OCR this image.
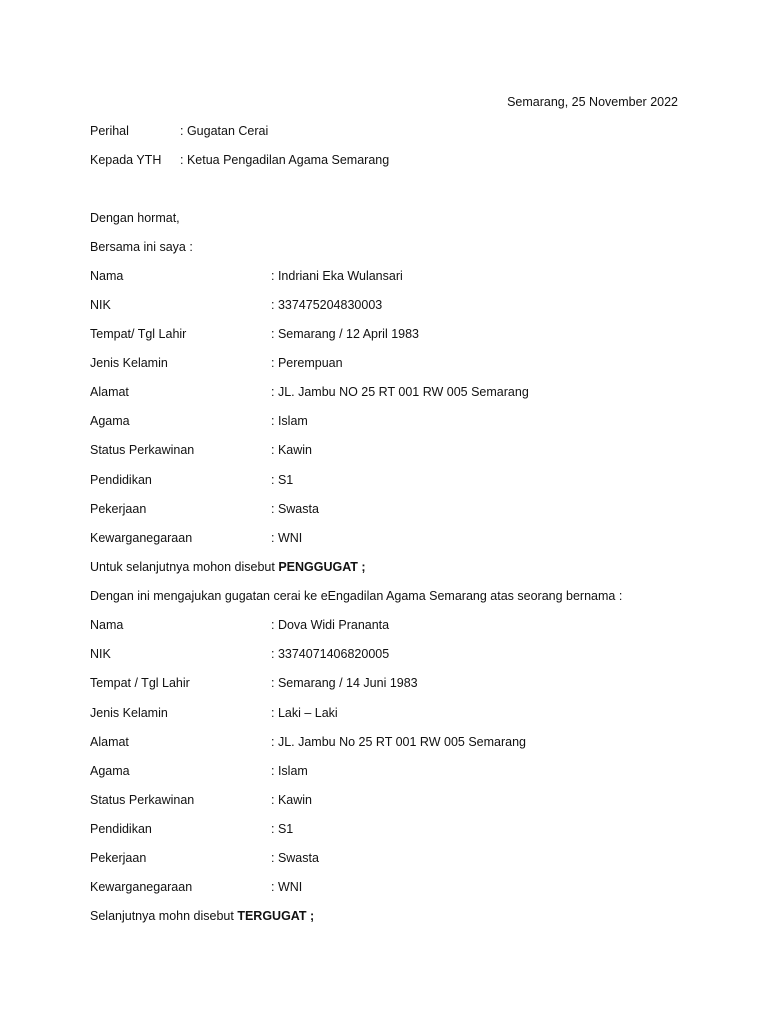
Semarang, 25 November 2022
Perihal	: Gugatan Cerai
Kepada YTH : Ketua Pengadilan Agama Semarang
Dengan hormat,
Bersama ini saya :
Nama	: Indriani Eka Wulansari
NIK	: 337475204830003
Tempat/ Tgl Lahir	: Semarang / 12 April 1983
Jenis Kelamin	: Perempuan
Alamat	: JL. Jambu NO 25 RT 001 RW 005 Semarang
Agama	: Islam
Status Perkawinan	: Kawin
Pendidikan	: S1
Pekerjaan	: Swasta
Kewarganegaraan	: WNI
Untuk selanjutnya mohon disebut PENGGUGAT ;
Dengan ini mengajukan gugatan cerai ke eEngadilan Agama Semarang atas seorang bernama :
Nama	: Dova Widi Prananta
NIK	: 3374071406820005
Tempat / Tgl Lahir	: Semarang / 14 Juni 1983
Jenis Kelamin	: Laki – Laki
Alamat	: JL. Jambu No 25 RT 001 RW 005 Semarang
Agama	: Islam
Status Perkawinan	: Kawin
Pendidikan	: S1
Pekerjaan	: Swasta
Kewarganegaraan	: WNI
Selanjutnya mohn disebut TERGUGAT ;
